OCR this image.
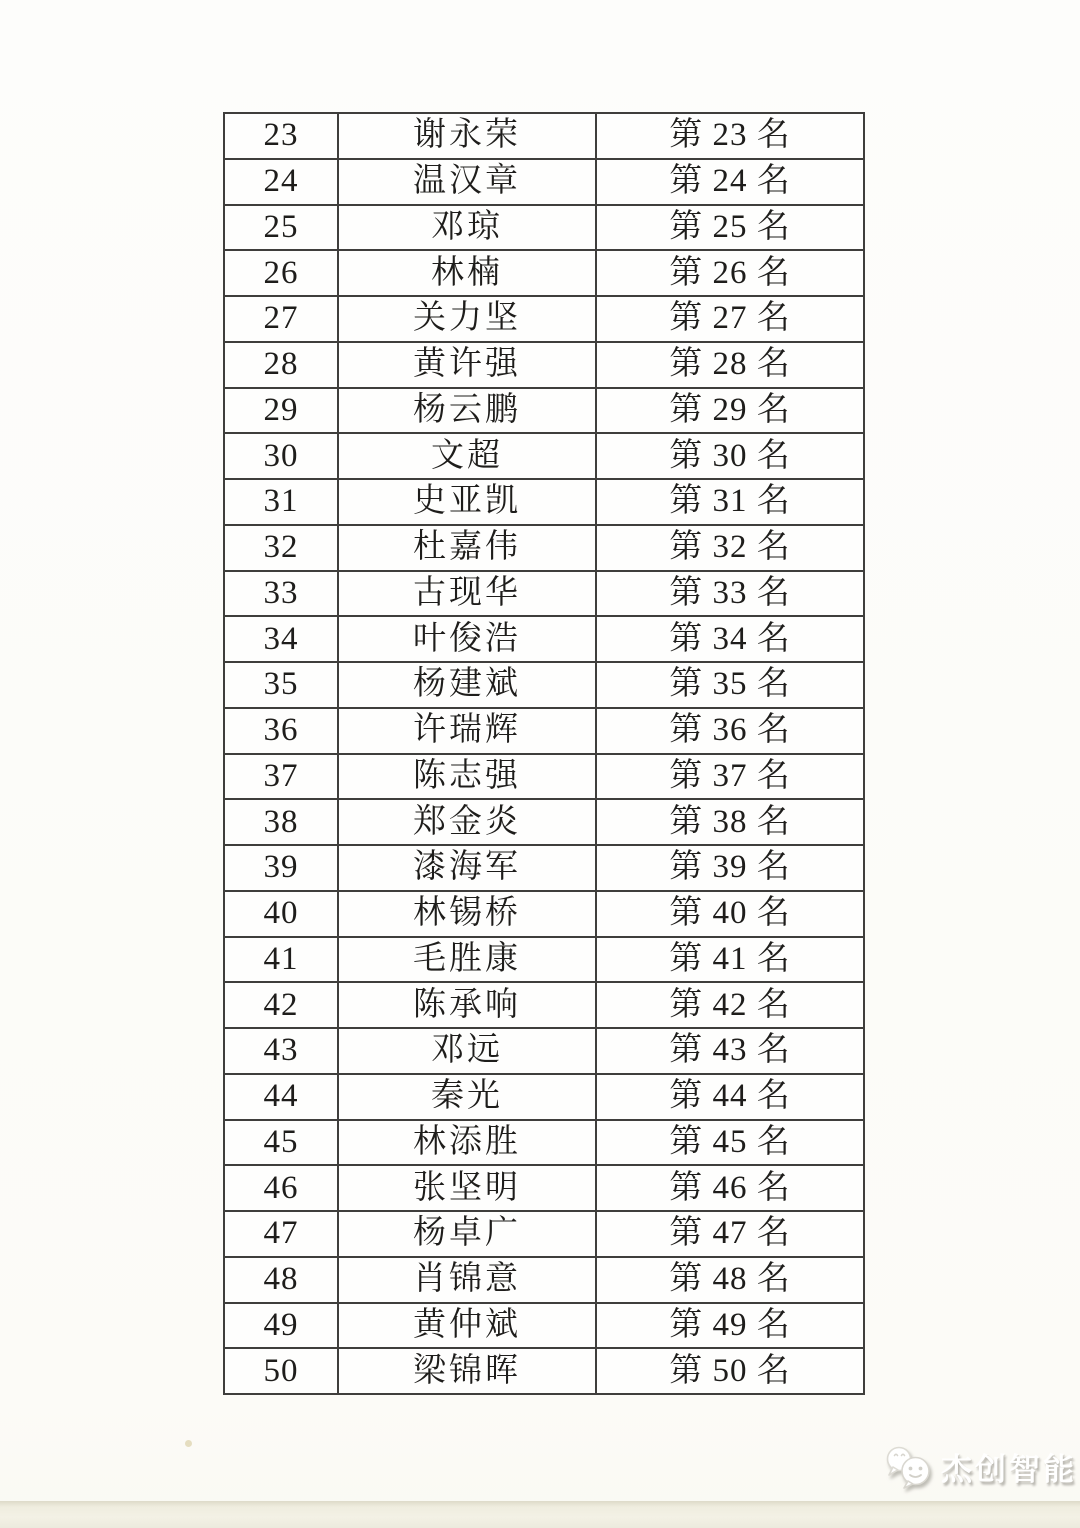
23	谢永荣	第 23 名
24	温汉章	第 24 名
25	邓琼	第 25 名
26	林楠	第 26 名
27	关力坚	第 27 名
28	黄许强	第 28 名
29	杨云鹏	第 29 名
30	文超	第 30 名
31	史亚凯	第 31 名
32	杜嘉伟	第 32 名
33	古现华	第 33 名
34	叶俊浩	第 34 名
35	杨建斌	第 35 名
36	许瑞辉	第 36 名
37	陈志强	第 37 名
38	郑金炎	第 38 名
39	漆海军	第 39 名
40	林锡桥	第 40 名
41	毛胜康	第 41 名
42	陈承响	第 42 名
43	邓远	第 43 名
44	秦光	第 44 名
45	林添胜	第 45 名
46	张坚明	第 46 名
47	杨卓广	第 47 名
48	肖锦意	第 48 名
49	黄仲斌	第 49 名
50	梁锦晖	第 50 名
杰创智能
